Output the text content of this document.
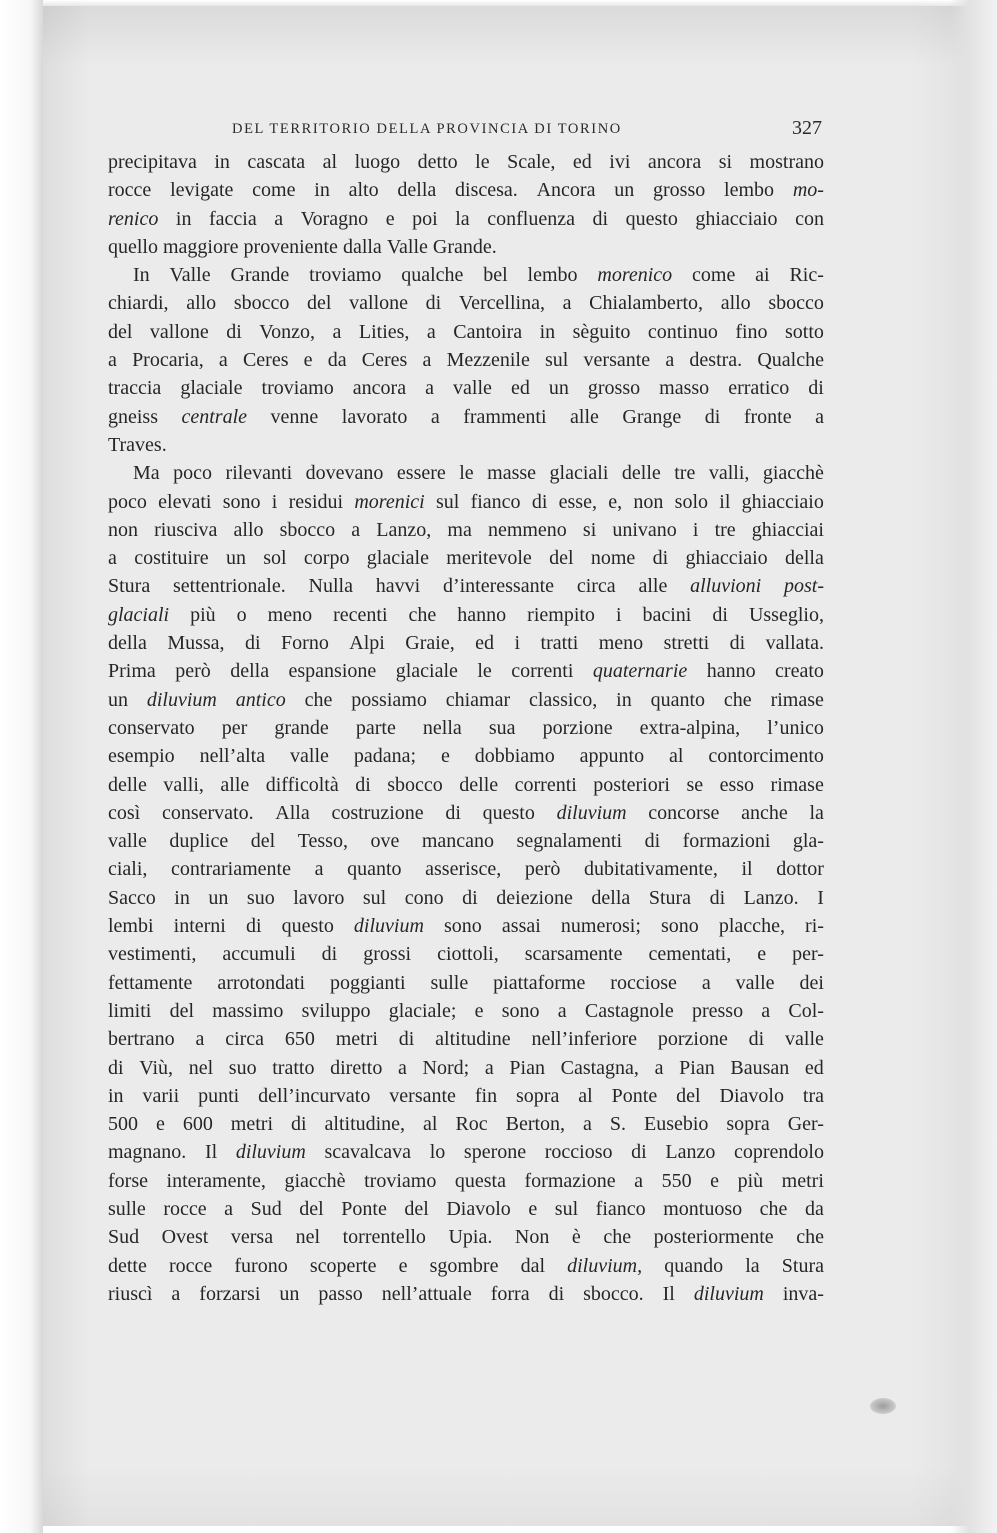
DEL TERRITORIO DELLA PROVINCIA DI TORINO	327
precipitava in cascata al luogo detto le Scale, ed ivi ancora si mostrano
rocce levigate come in alto della discesa. Ancora un grosso lembo mo-
renico in faccia a Voragno e poi la confluenza di questo ghiacciaio con
quello maggiore proveniente dalla Valle Grande.
In Valle Grande troviamo qualche bel lembo morenico come ai Ric-
chiardi, allo sbocco del vallone di Vercellina, a Chialamberto, allo sbocco
del vallone di Vonzo, a Lities, a Cantoira in sèguito continuo fino sotto
a Procaria, a Ceres e da Ceres a Mezzenile sul versante a destra. Qualche
traccia glaciale troviamo ancora a valle ed un grosso masso erratico di
gneiss centrale venne lavorato a frammenti alle Grange di fronte a
Traves.
Ma poco rilevanti dovevano essere le masse glaciali delle tre valli, giacchè
poco elevati sono i residui morenici sul fianco di esse, e, non solo il ghiacciaio
non riusciva allo sbocco a Lanzo, ma nemmeno si univano i tre ghiacciai
a costituire un sol corpo glaciale meritevole del nome di ghiacciaio della
Stura settentrionale. Nulla havvi d’interessante circa alle alluvioni post-
glaciali più o meno recenti che hanno riempito i bacini di Usseglio,
della Mussa, di Forno Alpi Graie, ed i tratti meno stretti di vallata.
Prima però della espansione glaciale le correnti quaternarie hanno creato
un diluvium antico che possiamo chiamar classico, in quanto che rimase
conservato per grande parte nella sua porzione extra-alpina, l’unico
esempio nell’alta valle padana; e dobbiamo appunto al contorcimento
delle valli, alle difficoltà di sbocco delle correnti posteriori se esso rimase
così conservato. Alla costruzione di questo diluvium concorse anche la
valle duplice del Tesso, ove mancano segnalamenti di formazioni gla-
ciali, contrariamente a quanto asserisce, però dubitativamente, il dottor
Sacco in un suo lavoro sul cono di deiezione della Stura di Lanzo. I
lembi interni di questo diluvium sono assai numerosi; sono placche, ri-
vestimenti, accumuli di grossi ciottoli, scarsamente cementati, e per-
fettamente arrotondati poggianti sulle piattaforme rocciose a valle dei
limiti del massimo sviluppo glaciale; e sono a Castagnole presso a Col-
bertrano a circa 650 metri di altitudine nell’inferiore porzione di valle
di Viù, nel suo tratto diretto a Nord; a Pian Castagna, a Pian Bausan ed
in varii punti dell’incurvato versante fin sopra al Ponte del Diavolo tra
500 e 600 metri di altitudine, al Roc Berton, a S. Eusebio sopra Ger-
magnano. Il diluvium scavalcava lo sperone roccioso di Lanzo coprendolo
forse interamente, giacchè troviamo questa formazione a 550 e più metri
sulle rocce a Sud del Ponte del Diavolo e sul fianco montuoso che da
Sud Ovest versa nel torrentello Upia. Non è che posteriormente che
dette rocce furono scoperte e sgombre dal diluvium, quando la Stura
riuscì a forzarsi un passo nell’attuale forra di sbocco. Il diluvium inva-
